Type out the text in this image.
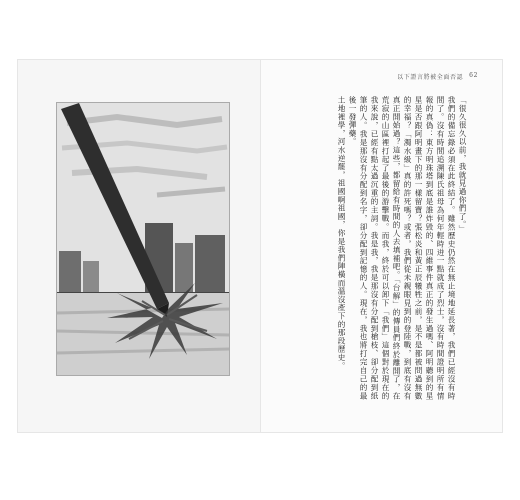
以下證言將被全面否認 62

「很久很久以前，我就見過你們了。」

我們的備忘錄必須在此終結了。雖然歷史仍然在無止境地延長著，我們已經沒有時間了。沒有時間追溯陳氏祖母為何年輕時迸一點就成了烈士，沒有時間證明所有情報的真偽：東方明珠塔到底是誰炸毀的、四維事件真正的發生過嗎、阿明聽到的星星是否跟阿明畫下的那一樣留寶？張松炎和黃正辰犧牲之前，是不是都被問過無數的幸福？「濁水級」真的許死嗎？或者，我們從未親眼見到的登陸戰，到底有沒有真正開始過？這些，都留給有時間的人去填補吧。「台解」的傳員們終於離開了，在荒寂的山區裡打起了最後的游擊戰。而我，終於可以卸下「我們」這個對於現在的我來說，已經有點太過沉重的主詞。我是我，我是那沒有分配到槍枝、卻分配到紙筆的人。我是那沒有分配到名字，卻分配到記憶的人。現在，我也將打完自己的最後一發彈藥。

土地裡學，河水逆罷，祖國啊祖國，你是我們陣橫而溫沒產下的那段歷史。
